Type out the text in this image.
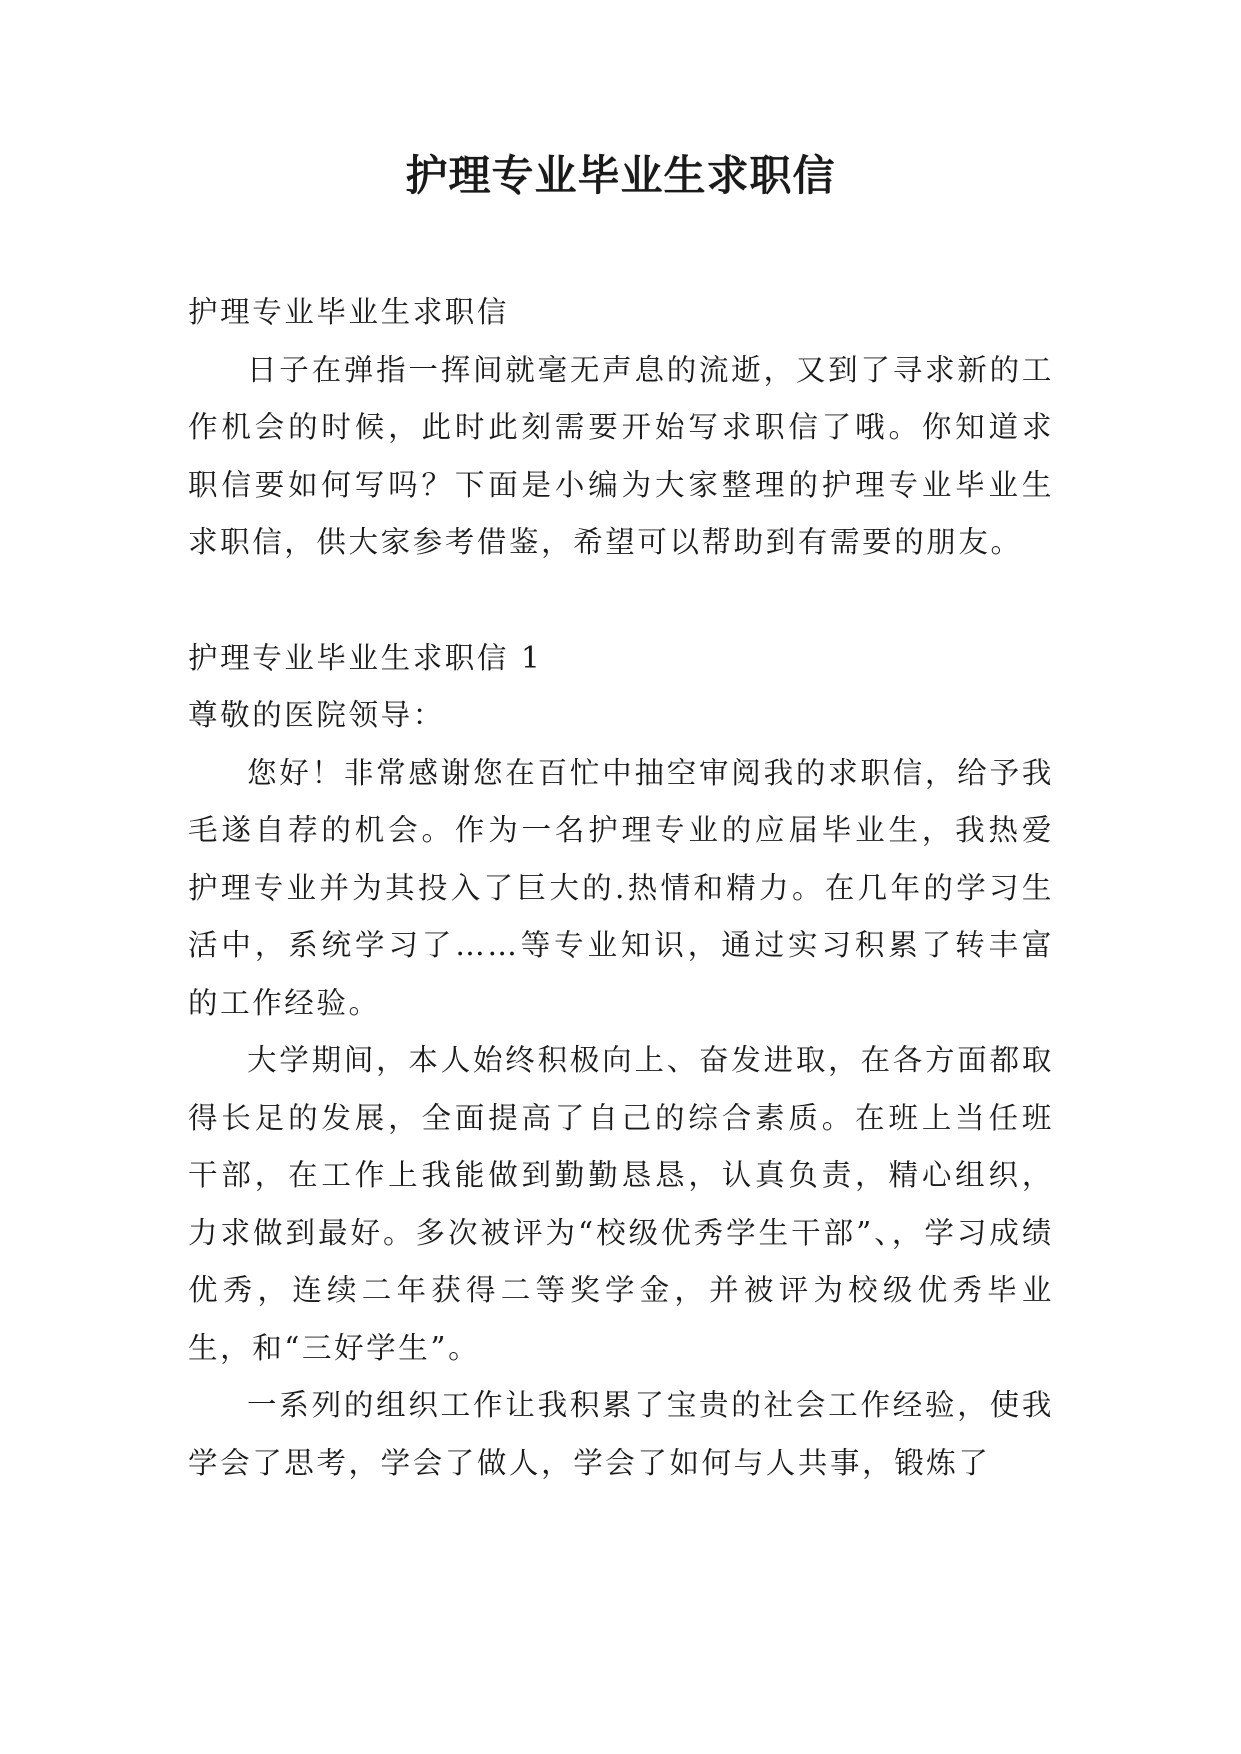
护理专业毕业生求职信

护理专业毕业生求职信

日子在弹指一挥间就毫无声息的流逝，又到了寻求新的工作机会的时候，此时此刻需要开始写求职信了哦。你知道求职信要如何写吗？下面是小编为大家整理的护理专业毕业生求职信，供大家参考借鉴，希望可以帮助到有需要的朋友。

护理专业毕业生求职信 1

尊敬的医院领导：

您好！非常感谢您在百忙中抽空审阅我的求职信，给予我毛遂自荐的机会。作为一名护理专业的应届毕业生，我热爱护理专业并为其投入了巨大的.热情和精力。在几年的学习生活中，系统学习了……等专业知识，通过实习积累了转丰富的工作经验。

大学期间，本人始终积极向上、奋发进取，在各方面都取得长足的发展，全面提高了自己的综合素质。在班上当任班干部，在工作上我能做到勤勤恳恳，认真负责，精心组织，力求做到最好。多次被评为“校级优秀学生干部”、，学习成绩优秀，连续二年获得二等奖学金，并被评为校级优秀毕业生，和“三好学生”。

一系列的组织工作让我积累了宝贵的社会工作经验，使我学会了思考，学会了做人，学会了如何与人共事，锻炼了
